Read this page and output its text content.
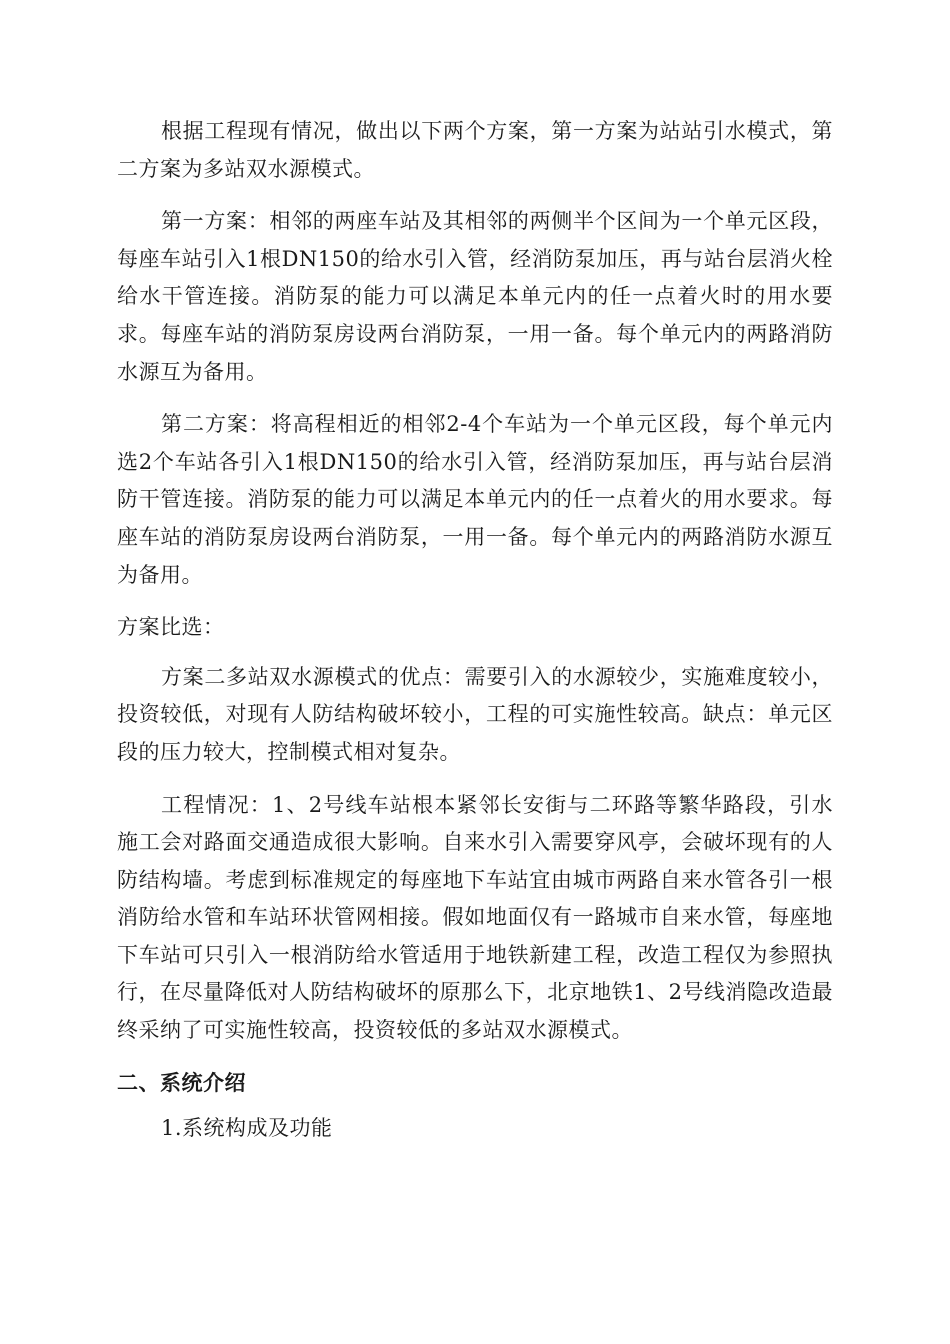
根据工程现有情况，做出以下两个方案，第一方案为站站引水模式，第二方案为多站双水源模式。

第一方案：相邻的两座车站及其相邻的两侧半个区间为一个单元区段，每座车站引入1根DN150的给水引入管，经消防泵加压，再与站台层消火栓给水干管连接。消防泵的能力可以满足本单元内的任一点着火时的用水要求。每座车站的消防泵房设两台消防泵，一用一备。每个单元内的两路消防水源互为备用。

第二方案：将高程相近的相邻2-4个车站为一个单元区段，每个单元内选2个车站各引入1根DN150的给水引入管，经消防泵加压，再与站台层消防干管连接。消防泵的能力可以满足本单元内的任一点着火的用水要求。每座车站的消防泵房设两台消防泵，一用一备。每个单元内的两路消防水源互为备用。

方案比选：

方案二多站双水源模式的优点：需要引入的水源较少，实施难度较小，投资较低，对现有人防结构破坏较小，工程的可实施性较高。缺点：单元区段的压力较大，控制模式相对复杂。

工程情况：1、2号线车站根本紧邻长安街与二环路等繁华路段，引水施工会对路面交通造成很大影响。自来水引入需要穿风亭，会破坏现有的人防结构墙。考虑到标准规定的每座地下车站宜由城市两路自来水管各引一根消防给水管和车站环状管网相接。假如地面仅有一路城市自来水管，每座地下车站可只引入一根消防给水管适用于地铁新建工程，改造工程仅为参照执行，在尽量降低对人防结构破坏的原那么下，北京地铁1、2号线消隐改造最终采纳了可实施性较高，投资较低的多站双水源模式。

二、系统介绍

1.系统构成及功能
